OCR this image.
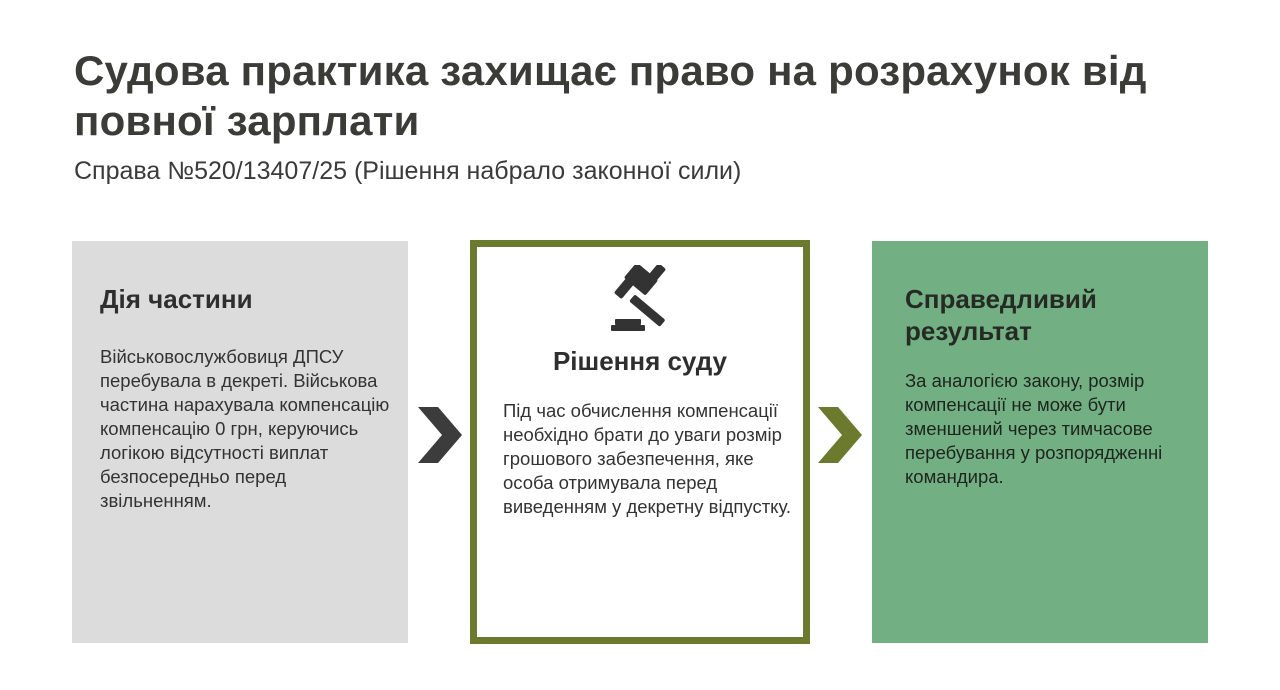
Судова практика захищає право на розрахунок від повної зарплати
Справа №520/13407/25 (Рішення набрало законної сили)
Дія частини
Військовослужбовиця ДПСУ перебувала в декреті. Військова частина нарахувала компенсацію компенсацію 0 грн, керуючись логікою відсутності виплат безпосередньо перед звільненням.
Рішення суду
Під час обчислення компенсації необхідно брати до уваги розмір грошового забезпечення, яке особа отримувала перед виведенням у декретну відпустку.
Справедливий результат
За аналогією закону, розмір компенсації не може бути зменшений через тимчасове перебування у розпорядженні командира.
